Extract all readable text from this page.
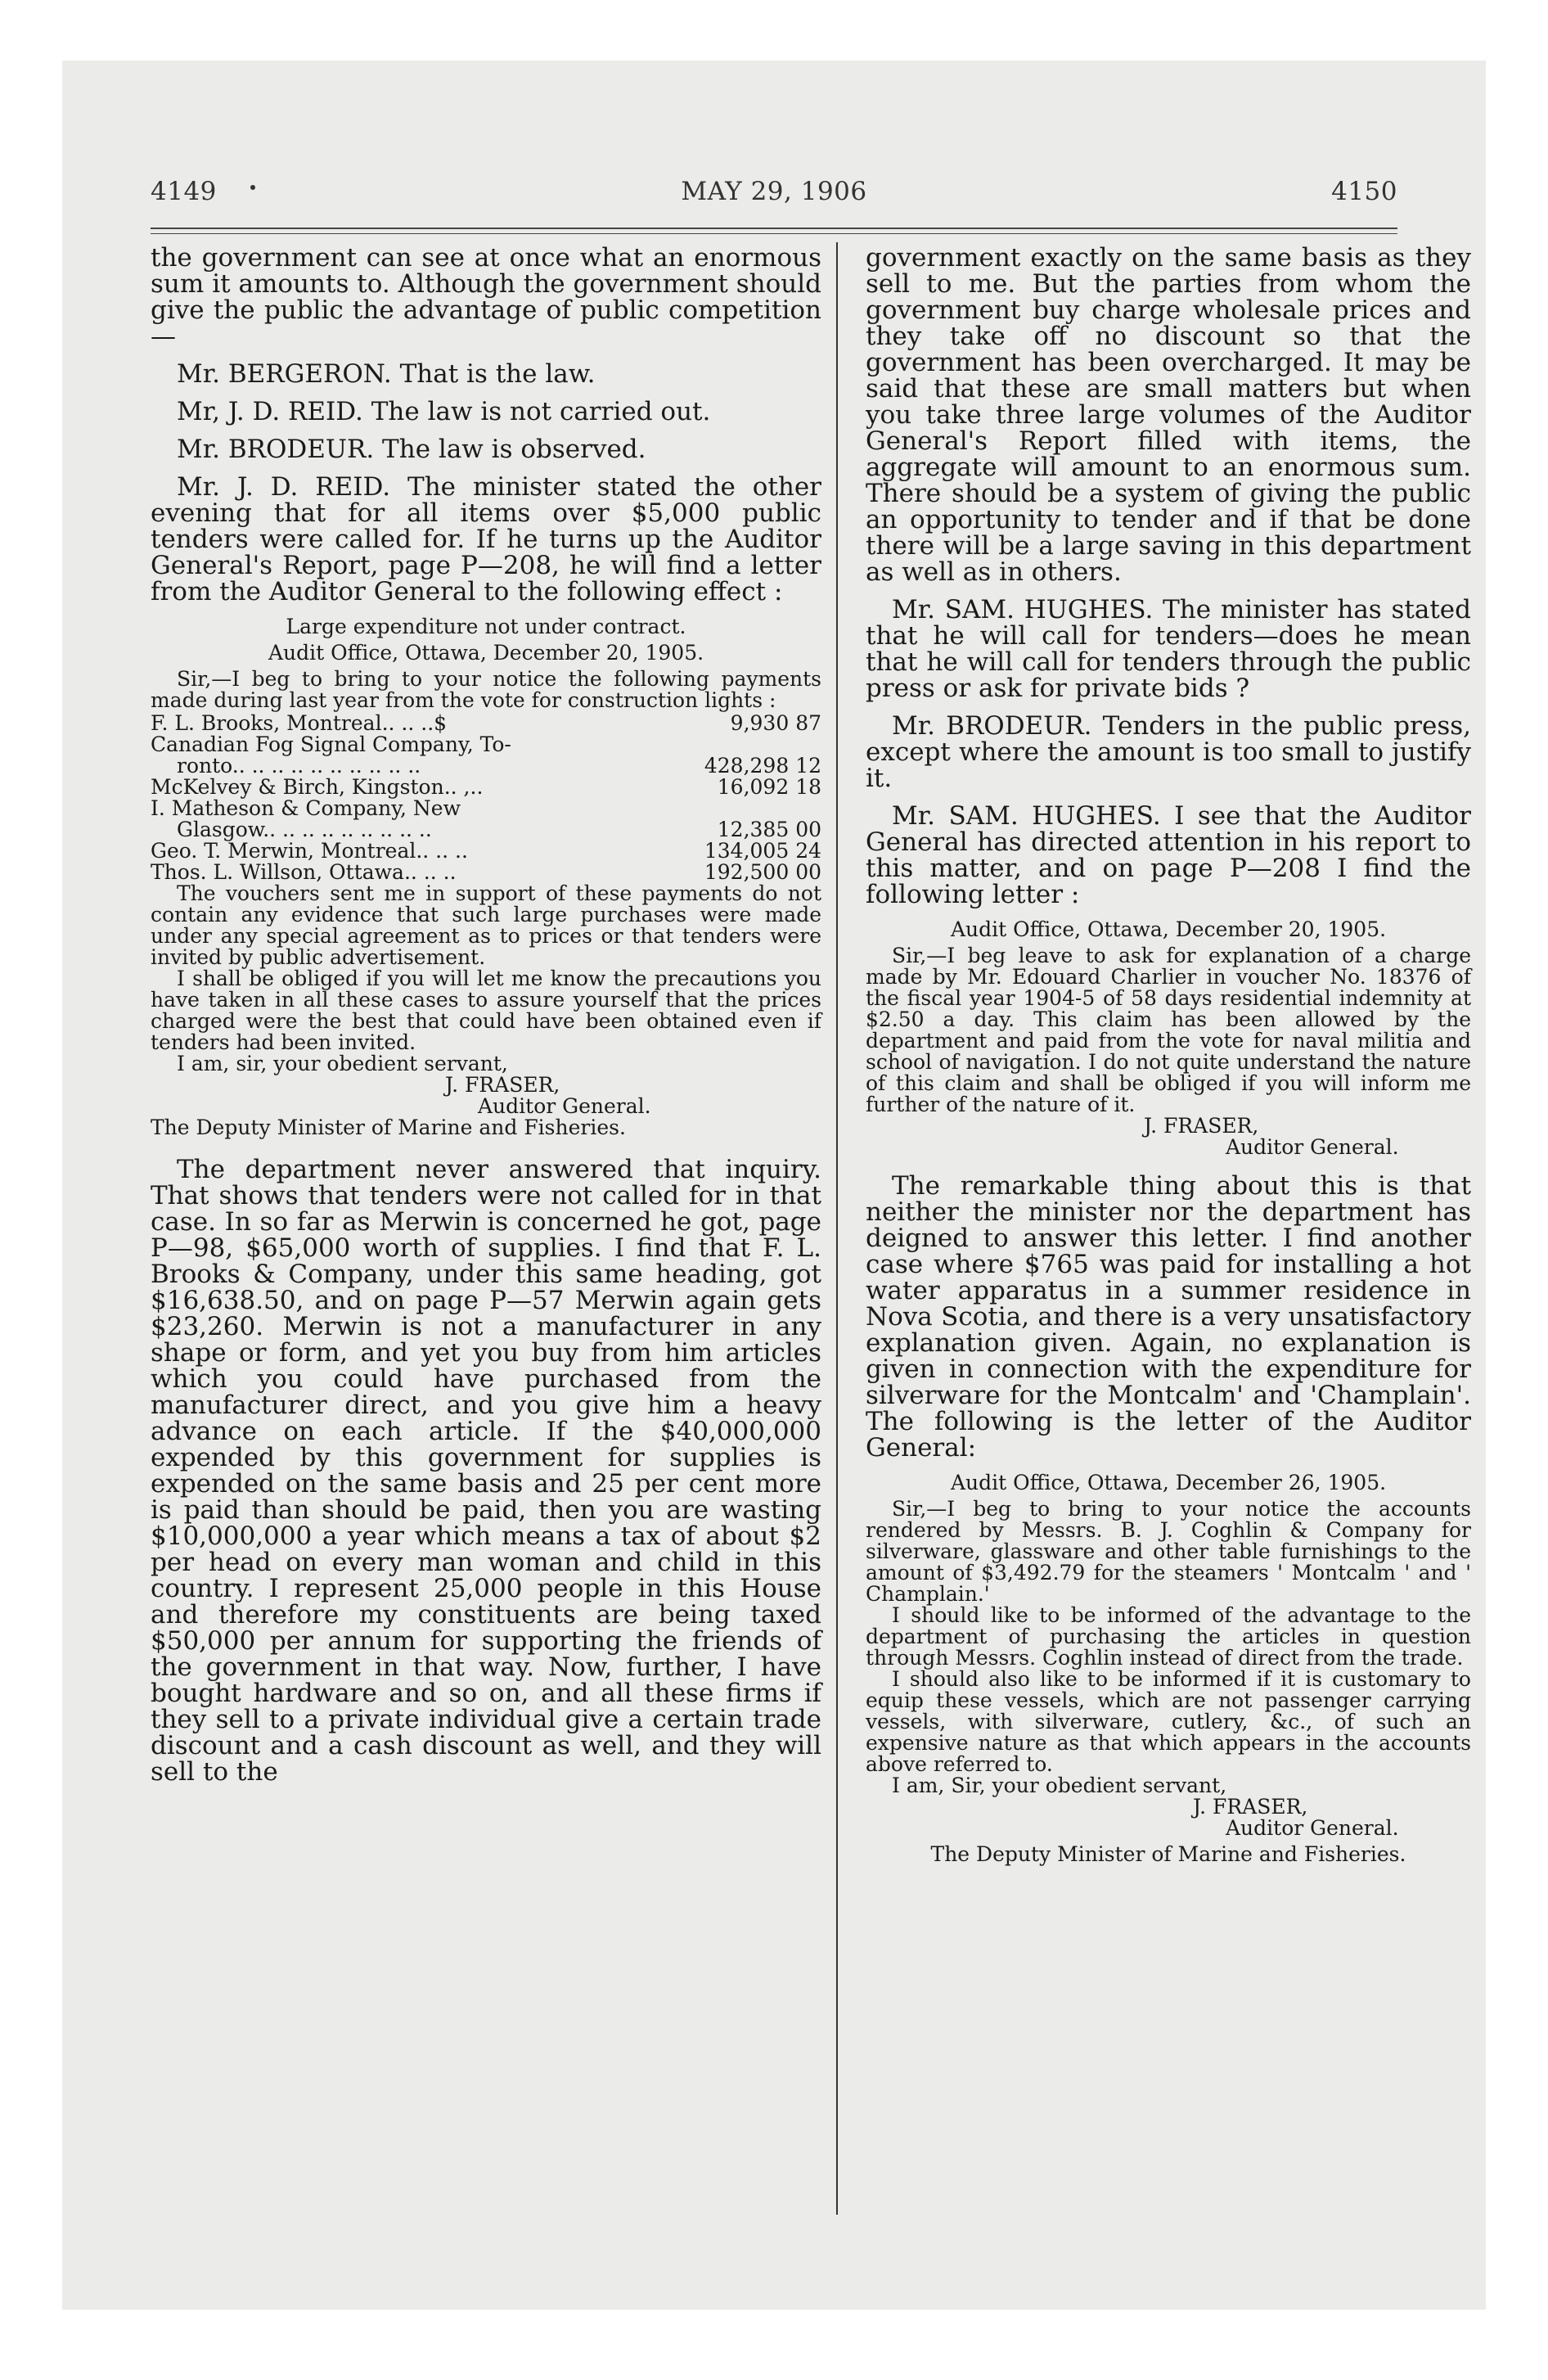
4149	MAY 29, 1906	4150

the government can see at once what an enormous sum it amounts to. Although the government should give the public the advantage of public competition—

Mr. BERGERON. That is the law.

Mr, J. D. REID. The law is not carried out.

Mr. BRODEUR. The law is observed.

Mr. J. D. REID. The minister stated the other evening that for all items over $5,000 public tenders were called for. If he turns up the Auditor General's Report, page P—208, he will find a letter from the Auditor General to the following effect :

Large expenditure not under contract.

Audit Office, Ottawa, December 20, 1905.

Sir,—I beg to bring to your notice the following payments made during last year from the vote for construction lights :

F. L. Brooks, Montreal.. .. ..$	9,930 87
Canadian Fog Signal Company, To-
ronto.. .. .. .. .. .. .. .. .. ..	428,298 12
McKelvey & Birch, Kingston.. ,..	16,092 18
I. Matheson & Company, New
Glasgow.. .. .. .. .. .. .. .. ..	12,385 00
Geo. T. Merwin, Montreal.. .. ..	134,005 24
Thos. L. Willson, Ottawa.. .. ..	192,500 00

The vouchers sent me in support of these payments do not contain any evidence that such large purchases were made under any special agreement as to prices or that tenders were invited by public advertisement.

I shall be obliged if you will let me know the precautions you have taken in all these cases to assure yourself that the prices charged were the best that could have been obtained even if tenders had been invited.

I am, sir, your obedient servant,

J. FRASER,

Auditor General.

The Deputy Minister of Marine and Fisheries.

The department never answered that inquiry. That shows that tenders were not called for in that case. In so far as Merwin is concerned he got, page P—98, $65,000 worth of supplies. I find that F. L. Brooks & Company, under this same heading, got $16,638.50, and on page P—57 Merwin again gets $23,260. Merwin is not a manufacturer in any shape or form, and yet you buy from him articles which you could have purchased from the manufacturer direct, and you give him a heavy advance on each article. If the $40,000,000 expended by this government for supplies is expended on the same basis and 25 per cent more is paid than should be paid, then you are wasting $10,000,000 a year which means a tax of about $2 per head on every man woman and child in this country. I represent 25,000 people in this House and therefore my constituents are being taxed $50,000 per annum for supporting the friends of the government in that way. Now, further, I have bought hardware and so on, and all these firms if they sell to a private individual give a certain trade discount and a cash discount as well, and they will sell to the

government exactly on the same basis as they sell to me. But the parties from whom the government buy charge wholesale prices and they take off no discount so that the government has been overcharged. It may be said that these are small matters but when you take three large volumes of the Auditor General's Report filled with items, the aggregate will amount to an enormous sum. There should be a system of giving the public an opportunity to tender and if that be done there will be a large saving in this department as well as in others.

Mr. SAM. HUGHES. The minister has stated that he will call for tenders—does he mean that he will call for tenders through the public press or ask for private bids ?

Mr. BRODEUR. Tenders in the public press, except where the amount is too small to justify it.

Mr. SAM. HUGHES. I see that the Auditor General has directed attention in his report to this matter, and on page P—208 I find the following letter :

Audit Office, Ottawa, December 20, 1905.

Sir,—I beg leave to ask for explanation of a charge made by Mr. Edouard Charlier in voucher No. 18376 of the fiscal year 1904-5 of 58 days residential indemnity at $2.50 a day. This claim has been allowed by the department and paid from the vote for naval militia and school of navigation. I do not quite understand the nature of this claim and shall be obliged if you will inform me further of the nature of it.

J. FRASER,

Auditor General.

The remarkable thing about this is that neither the minister nor the department has deigned to answer this letter. I find another case where $765 was paid for installing a hot water apparatus in a summer residence in Nova Scotia, and there is a very unsatisfactory explanation given. Again, no explanation is given in connection with the expenditure for silverware for the Montcalm' and 'Champlain'. The following is the letter of the Auditor General:

Audit Office, Ottawa, December 26, 1905.

Sir,—I beg to bring to your notice the accounts rendered by Messrs. B. J. Coghlin & Company for silverware, glassware and other table furnishings to the amount of $3,492.79 for the steamers ' Montcalm ' and ' Champlain.'

I should like to be informed of the advantage to the department of purchasing the articles in question through Messrs. Coghlin instead of direct from the trade.

I should also like to be informed if it is customary to equip these vessels, which are not passenger carrying vessels, with silverware, cutlery, &c., of such an expensive nature as that which appears in the accounts above referred to.

I am, Sir, your obedient servant,

J. FRASER,

Auditor General.

The Deputy Minister of Marine and Fisheries.
